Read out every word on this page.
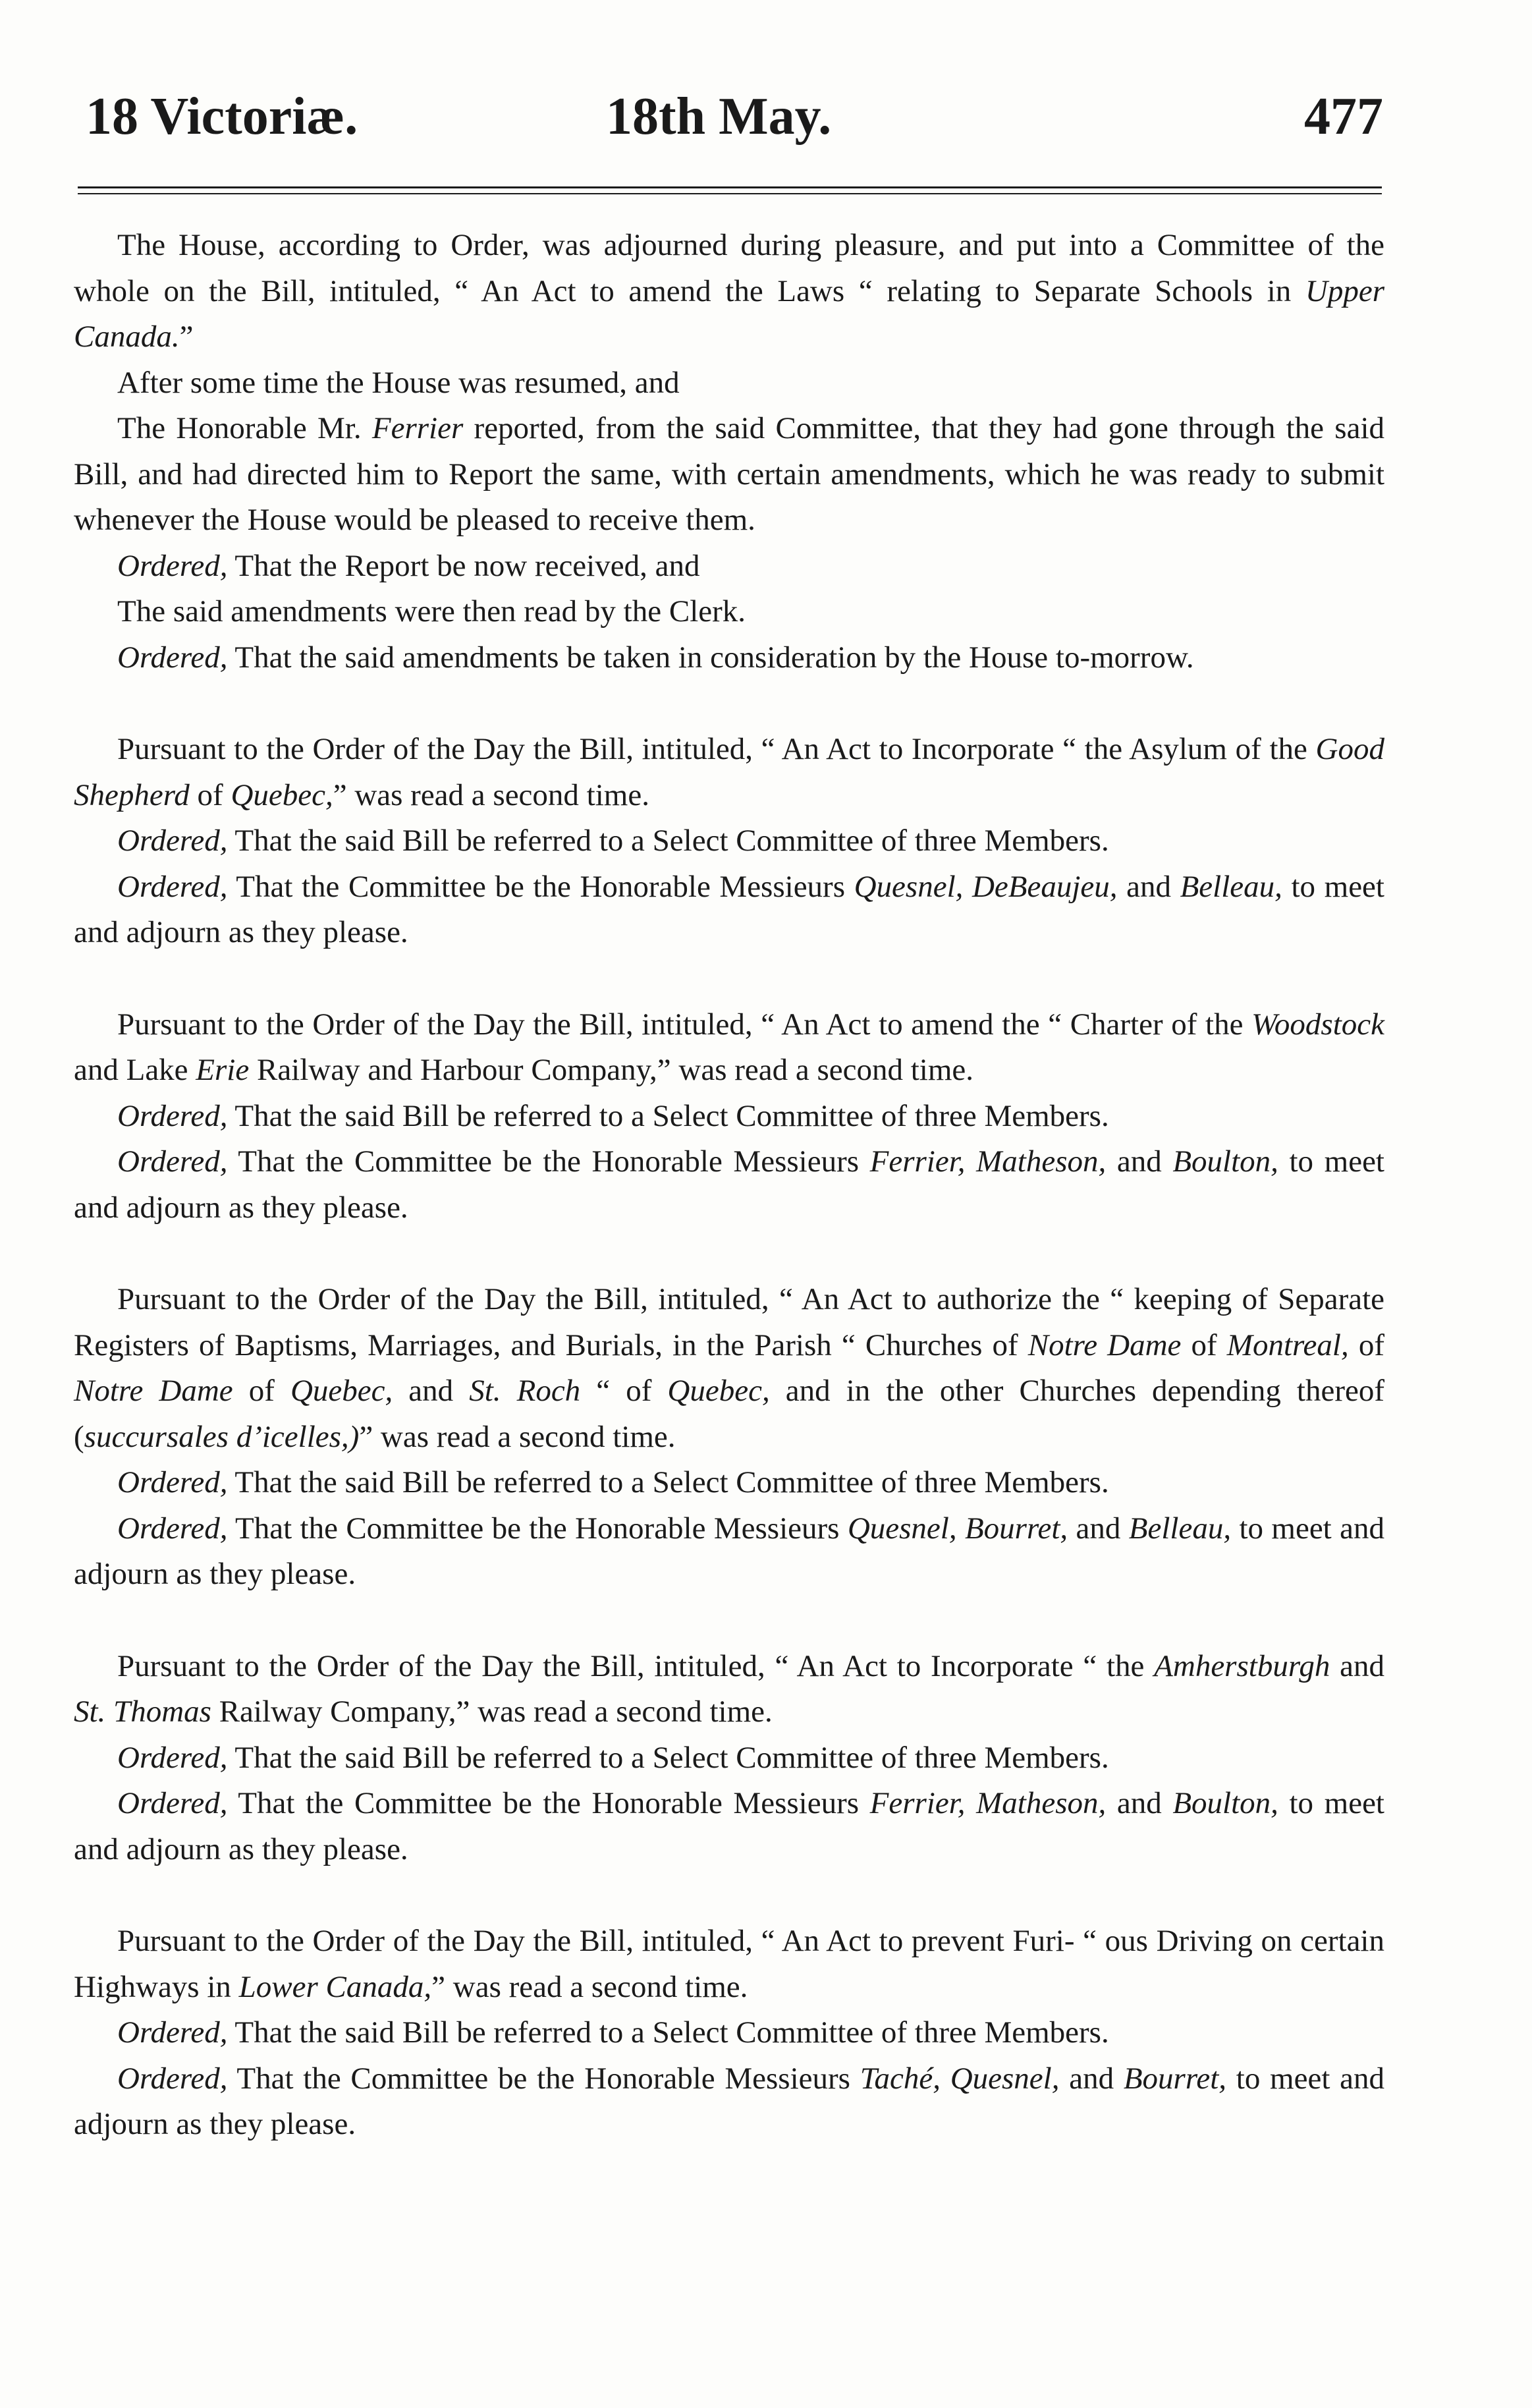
18 Victoriæ.	18th May.	477

The House, according to Order, was adjourned during pleasure, and put into a Committee of the whole on the Bill, intituled, “ An Act to amend the Laws “ relating to Separate Schools in Upper Canada.”

After some time the House was resumed, and

The Honorable Mr. Ferrier reported, from the said Committee, that they had gone through the said Bill, and had directed him to Report the same, with certain amendments, which he was ready to submit whenever the House would be pleased to receive them.

Ordered, That the Report be now received, and

The said amendments were then read by the Clerk.

Ordered, That the said amendments be taken in consideration by the House to-morrow.

Pursuant to the Order of the Day the Bill, intituled, “ An Act to Incorporate “ the Asylum of the Good Shepherd of Quebec,” was read a second time.

Ordered, That the said Bill be referred to a Select Committee of three Members.

Ordered, That the Committee be the Honorable Messieurs Quesnel, DeBeaujeu, and Belleau, to meet and adjourn as they please.

Pursuant to the Order of the Day the Bill, intituled, “ An Act to amend the “ Charter of the Woodstock and Lake Erie Railway and Harbour Company,” was read a second time.

Ordered, That the said Bill be referred to a Select Committee of three Members.

Ordered, That the Committee be the Honorable Messieurs Ferrier, Matheson, and Boulton, to meet and adjourn as they please.

Pursuant to the Order of the Day the Bill, intituled, “ An Act to authorize the “ keeping of Separate Registers of Baptisms, Marriages, and Burials, in the Parish “ Churches of Notre Dame of Montreal, of Notre Dame of Quebec, and St. Roch “ of Quebec, and in the other Churches depending thereof (succursales d’icelles,)” was read a second time.

Ordered, That the said Bill be referred to a Select Committee of three Members.

Ordered, That the Committee be the Honorable Messieurs Quesnel, Bourret, and Belleau, to meet and adjourn as they please.

Pursuant to the Order of the Day the Bill, intituled, “ An Act to Incorporate “ the Amherstburgh and St. Thomas Railway Company,” was read a second time.

Ordered, That the said Bill be referred to a Select Committee of three Members.

Ordered, That the Committee be the Honorable Messieurs Ferrier, Matheson, and Boulton, to meet and adjourn as they please.

Pursuant to the Order of the Day the Bill, intituled, “ An Act to prevent Furi- “ ous Driving on certain Highways in Lower Canada,” was read a second time.

Ordered, That the said Bill be referred to a Select Committee of three Members.

Ordered, That the Committee be the Honorable Messieurs Taché, Quesnel, and Bourret, to meet and adjourn as they please.
